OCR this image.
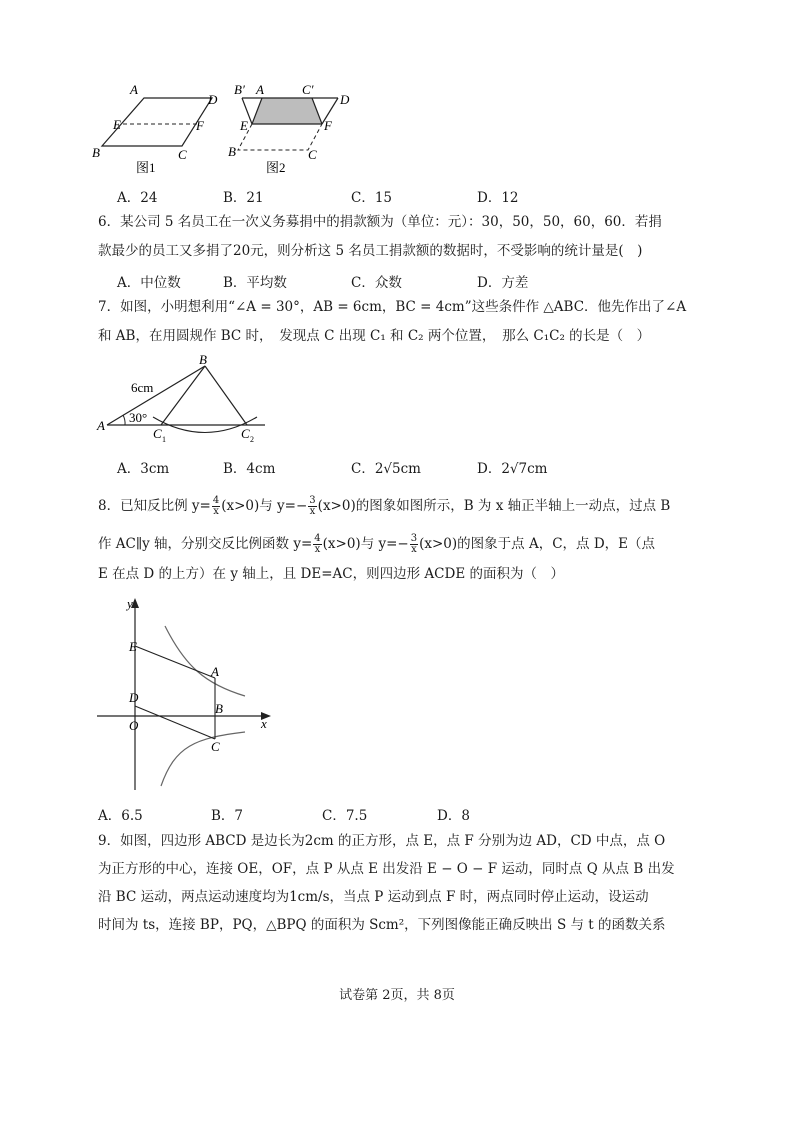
A
D
E	F
B	C
图1
B′ A	C′
D
E	F
B	C
图2
A．24	B．21	C．15	D．12
6．某公司 5 名员工在一次义务募捐中的捐款额为（单位：元）：30，50，50，60，60．若捐
款最少的员工又多捐了20元，则分析这 5 名员工捐款额的数据时，不受影响的统计量是(　)
A．中位数	B．平均数	C．众数	D．方差
7．如图，小明想利用“∠A = 30°，AB = 6cm，BC = 4cm”这些条件作 △ABC．他先作出了∠A
和 AB，在用圆规作 BC 时，　发现点 C 出现 C₁ 和 C₂ 两个位置，　那么 C₁C₂ 的长是（　）
B
A
C 1	C 2
6cm
30°
A．3cm	B．4cm	C．2√5cm	D．2√7cm
8．已知反比例 $y= \frac{4}{x} (x>0)$与 $y=- \frac{3}{x} (x>0)$的图象如图所示，B 为 x 轴正半轴上一动点，过点 B
作 AC∥y 轴，分别交反比例函数 $y= \frac{4}{x} (x>0)$与 $y=- \frac{3}{x} (x>0)$的图象于点 A，C，点 D，E（点
E 在点 D 的上方）在 y 轴上，且 DE=AC，则四边形 ACDE 的面积为（　）
y
x
E
D
O
A
B
C
A．6.5	B．7	C．7.5	D．8
9．如图，四边形 ABCD 是边长为2cm 的正方形，点 E，点 F 分别为边 AD，CD 中点，点 O
为正方形的中心，连接 OE，OF，点 P 从点 E 出发沿 E − O − F 运动，同时点 Q 从点 B 出发
沿 BC 运动，两点运动速度均为1cm/s，当点 P 运动到点 F 时，两点同时停止运动，设运动
时间为 ts，连接 BP，PQ，△BPQ 的面积为 Scm²，下列图像能正确反映出 S 与 t 的函数关系
试卷第 2页，共 8页
